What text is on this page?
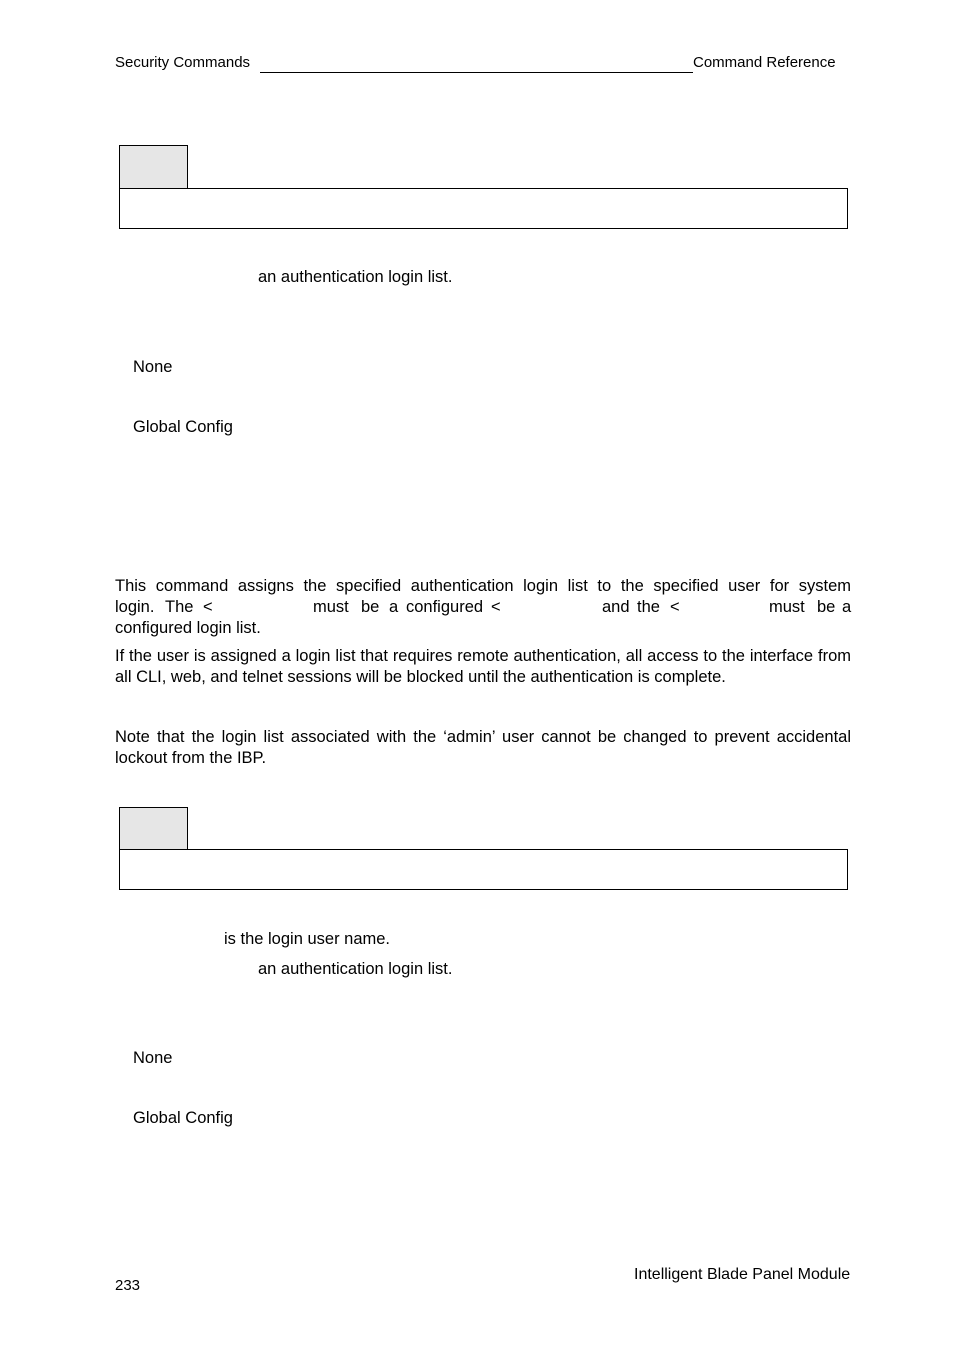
Security Commands	Command Reference
an authentication login list.
None
Global Config
This command assigns the specified authentication login list to the specified user for system
login. The <	must be a configured <	and the <	must be a
configured login list.
If the user is assigned a login list that requires remote authentication, all access to the interface from all CLI, web, and telnet sessions will be blocked until the authentication is complete.
Note that the login list associated with the ‘admin’ user cannot be changed to prevent accidental lockout from the IBP.
is the login user name.
an authentication login list.
None
Global Config
Intelligent Blade Panel Module
233
